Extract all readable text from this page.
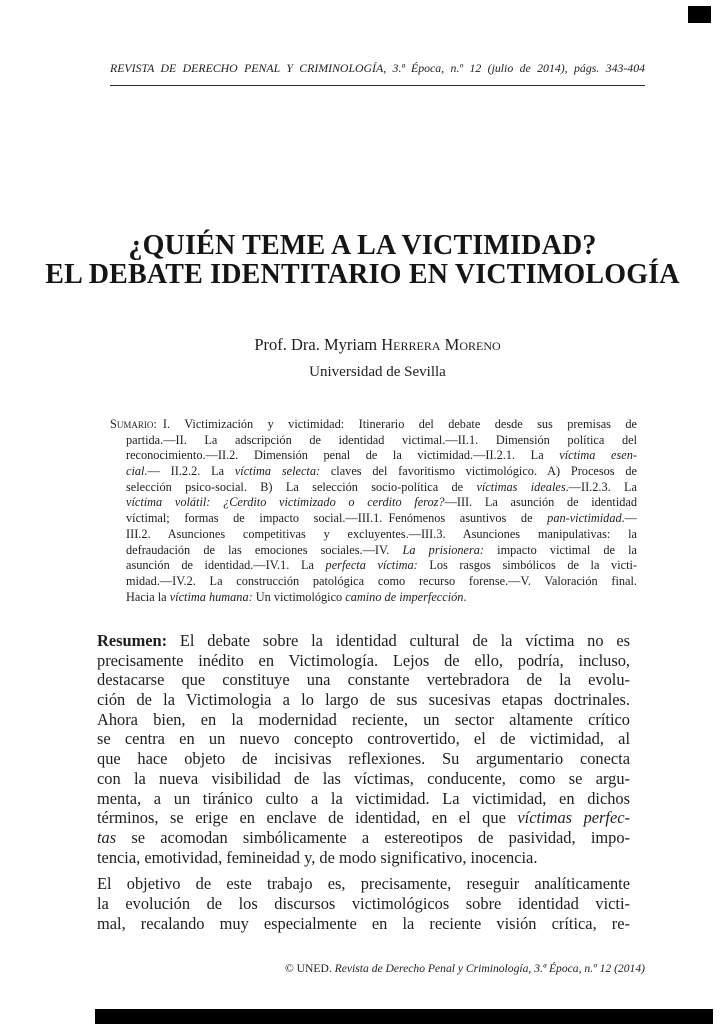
REVISTA DE DERECHO PENAL Y CRIMINOLOGÍA, 3.ª Época, n.º 12 (julio de 2014), págs. 343-404
¿QUIÉN TEME A LA VICTIMIDAD?
EL DEBATE IDENTITARIO EN VICTIMOLOGÍA
Prof. Dra. Myriam Herrera Moreno
Universidad de Sevilla
Sumario: I. Victimización y victimidad: Itinerario del debate desde sus premisas de
partida.—II. La adscripción de identidad victimal.—II.1. Dimensión política del
reconocimiento.—II.2. Dimensión penal de la victimidad.—II.2.1. La víctima esen-
cial.— II.2.2. La víctima selecta: claves del favoritismo victimológico. A) Procesos de
selección psico-social. B) La selección socio-política de víctimas ideales.—II.2.3. La
víctima volátil: ¿Cerdito victimizado o cerdito feroz?—III. La asunción de identidad
víctimal; formas de impacto social.—III.1. Fenómenos asuntivos de pan-victimidad.—
III.2. Asunciones competitivas y excluyentes.—III.3. Asunciones manipulativas: la
defraudación de las emociones sociales.—IV. La prisionera: impacto victimal de la
asunción de identidad.—IV.1. La perfecta víctima: Los rasgos simbólicos de la victi-
midad.—IV.2. La construcción patológica como recurso forense.—V. Valoración final.
Hacia la víctima humana: Un victimológico camino de imperfección.
Resumen: El debate sobre la identidad cultural de la víctima no es
precisamente inédito en Victimología. Lejos de ello, podría, incluso,
destacarse que constituye una constante vertebradora de la evolu-
ción de la Victimologia a lo largo de sus sucesivas etapas doctrinales.
Ahora bien, en la modernidad reciente, un sector altamente crítico
se centra en un nuevo concepto controvertido, el de victimidad, al
que hace objeto de incisivas reflexiones. Su argumentario conecta
con la nueva visibilidad de las víctimas, conducente, como se argu-
menta, a un tiránico culto a la victimidad. La victimidad, en dichos
términos, se erige en enclave de identidad, en el que víctimas perfec-
tas se acomodan simbólicamente a estereotipos de pasividad, impo-
tencia, emotividad, femineidad y, de modo significativo, inocencia.
El objetivo de este trabajo es, precisamente, reseguir analíticamente
la evolución de los discursos victimológicos sobre identidad victi-
mal, recalando muy especialmente en la reciente visión crítica, re-
© UNED. Revista de Derecho Penal y Criminología, 3.ª Época, n.º 12 (2014)
